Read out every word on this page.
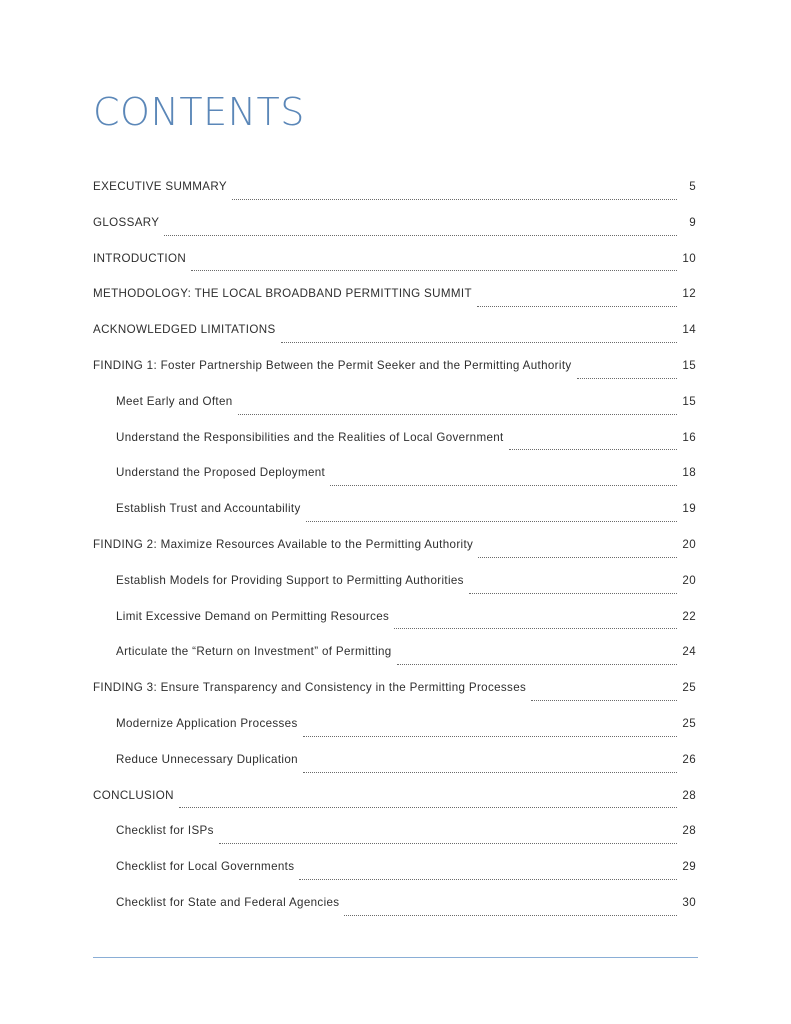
CONTENTS
EXECUTIVE SUMMARY	5
GLOSSARY	9
INTRODUCTION	10
METHODOLOGY: THE LOCAL BROADBAND PERMITTING SUMMIT	12
ACKNOWLEDGED LIMITATIONS	14
FINDING 1: Foster Partnership Between the Permit Seeker and the Permitting Authority	15
Meet Early and Often	15
Understand the Responsibilities and the Realities of Local Government	16
Understand the Proposed Deployment	18
Establish Trust and Accountability	19
FINDING 2: Maximize Resources Available to the Permitting Authority	20
Establish Models for Providing Support to Permitting Authorities	20
Limit Excessive Demand on Permitting Resources	22
Articulate the “Return on Investment” of Permitting	24
FINDING 3: Ensure Transparency and Consistency in the Permitting Processes	25
Modernize Application Processes	25
Reduce Unnecessary Duplication	26
CONCLUSION	28
Checklist for ISPs	28
Checklist for Local Governments	29
Checklist for State and Federal Agencies	30
